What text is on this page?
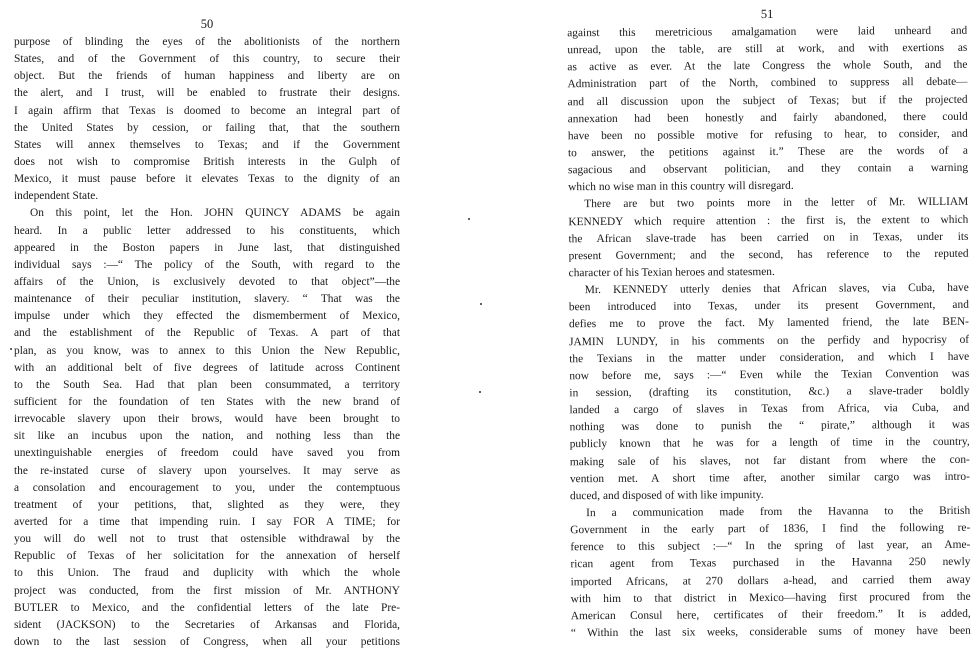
50
purpose of blinding the eyes of the abolitionists of the northern
States, and of the Government of this country, to secure their
object. But the friends of human happiness and liberty are on
the alert, and I trust, will be enabled to frustrate their designs.
I again affirm that Texas is doomed to become an integral part of
the United States by cession, or failing that, that the southern
States will annex themselves to Texas; and if the Government
does not wish to compromise British interests in the Gulph of
Mexico, it must pause before it elevates Texas to the dignity of an
independent State.
On this point, let the Hon. JOHN QUINCY ADAMS be again
heard. In a public letter addressed to his constituents, which
appeared in the Boston papers in June last, that distinguished
individual says :—“ The policy of the South, with regard to the
affairs of the Union, is exclusively devoted to that object”—the
maintenance of their peculiar institution, slavery. “ That was the
impulse under which they effected the dismemberment of Mexico,
and the establishment of the Republic of Texas. A part of that
plan, as you know, was to annex to this Union the New Republic,
with an additional belt of five degrees of latitude across Continent
to the South Sea. Had that plan been consummated, a territory
sufficient for the foundation of ten States with the new brand of
irrevocable slavery upon their brows, would have been brought to
sit like an incubus upon the nation, and nothing less than the
unextinguishable energies of freedom could have saved you from
the re-instated curse of slavery upon yourselves. It may serve as
a consolation and encouragement to you, under the contemptuous
treatment of your petitions, that, slighted as they were, they
averted for a time that impending ruin. I say FOR A TIME; for
you will do well not to trust that ostensible withdrawal by the
Republic of Texas of her solicitation for the annexation of herself
to this Union. The fraud and duplicity with which the whole
project was conducted, from the first mission of Mr. ANTHONY
BUTLER to Mexico, and the confidential letters of the late Pre-
sident (JACKSON) to the Secretaries of Arkansas and Florida,
down to the last session of Congress, when all your petitions
51
against this meretricious amalgamation were laid unheard and
unread, upon the table, are still at work, and with exertions as
as active as ever. At the late Congress the whole South, and the
Administration part of the North, combined to suppress all debate—
and all discussion upon the subject of Texas; but if the projected
annexation had been honestly and fairly abandoned, there could
have been no possible motive for refusing to hear, to consider, and
to answer, the petitions against it.” These are the words of a
sagacious and observant politician, and they contain a warning
which no wise man in this country will disregard.
There are but two points more in the letter of Mr. WILLIAM
KENNEDY which require attention : the first is, the extent to which
the African slave-trade has been carried on in Texas, under its
present Government; and the second, has reference to the reputed
character of his Texian heroes and statesmen.
Mr. KENNEDY utterly denies that African slaves, via Cuba, have
been introduced into Texas, under its present Government, and
defies me to prove the fact. My lamented friend, the late BEN-
JAMIN LUNDY, in his comments on the perfidy and hypocrisy of
the Texians in the matter under consideration, and which I have
now before me, says :—“ Even while the Texian Convention was
in session, (drafting its constitution, &c.) a slave-trader boldly
landed a cargo of slaves in Texas from Africa, via Cuba, and
nothing was done to punish the “ pirate,” although it was
publicly known that he was for a length of time in the country,
making sale of his slaves, not far distant from where the con-
vention met. A short time after, another similar cargo was intro-
duced, and disposed of with like impunity.
In a communication made from the Havanna to the British
Government in the early part of 1836, I find the following re-
ference to this subject :—“ In the spring of last year, an Ame-
rican agent from Texas purchased in the Havanna 250 newly
imported Africans, at 270 dollars a-head, and carried them away
with him to that district in Mexico—having first procured from the
American Consul here, certificates of their freedom.” It is added,
“ Within the last six weeks, considerable sums of money have been
